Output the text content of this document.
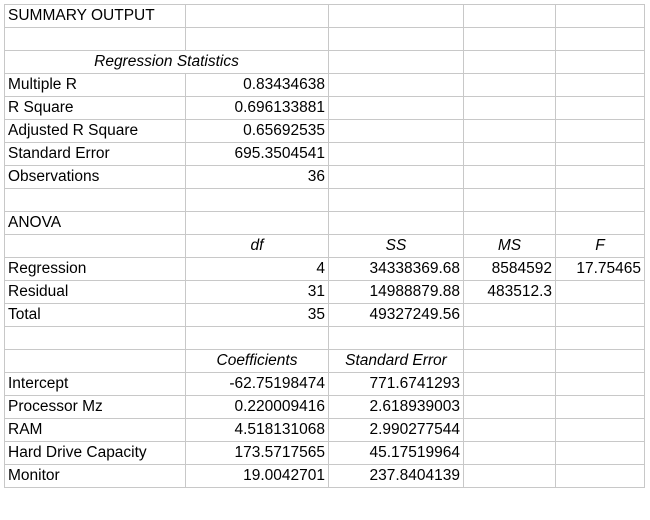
SUMMARY OUTPUT				

Regression Statistics				
Multiple R	0.83434638			
R Square	0.696133881			
Adjusted R Square	0.65692535			
Standard Error	695.3504541			
Observations	36			

ANOVA				
	df	SS	MS	F
Regression	4	34338369.68	8584592	17.75465
Residual	31	14988879.88	483512.3	
Total	35	49327249.56		

	Coefficients	Standard Error		
Intercept	-62.75198474	771.6741293		
Processor Mz	0.220009416	2.618939003		
RAM	4.518131068	2.990277544		
Hard Drive Capacity	173.5717565	45.17519964		
Monitor	19.0042701	237.8404139		
